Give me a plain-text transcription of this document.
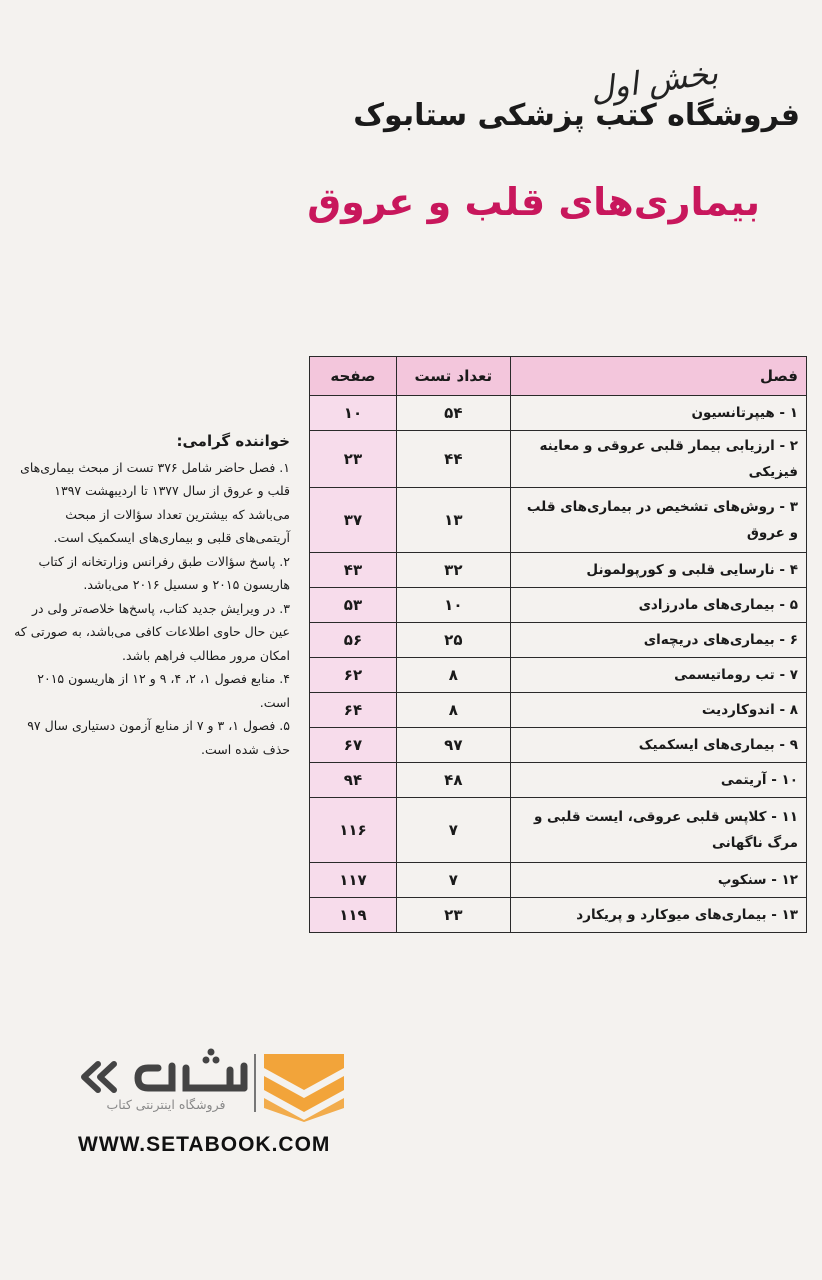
بخش اول
فروشگاه کتب پزشکی ستابوک
بیماری‌های قلب و عروق
فصل	تعداد تست	صفحه
۱ - هیپرتانسیون	۵۴	۱۰
۲ - ارزیابی بیمار قلبی عروقی و معاینه فیزیکی	۴۴	۲۳
۳ - روش‌های تشخیص در بیماری‌های قلب و عروق	۱۳	۳۷
۴ - نارسایی قلبی و کورپولمونل	۳۲	۴۳
۵ - بیماری‌های مادرزادی	۱۰	۵۳
۶ - بیماری‌های دریچه‌ای	۲۵	۵۶
۷ - تب روماتیسمی	۸	۶۲
۸ - اندوکاردیت	۸	۶۴
۹ - بیماری‌های ایسکمیک	۹۷	۶۷
۱۰ - آریتمی	۴۸	۹۴
۱۱ - کلاپس قلبی عروقی، ایست قلبی و مرگ ناگهانی	۷	۱۱۶
۱۲ - سنکوپ	۷	۱۱۷
۱۳ - بیماری‌های میوکارد و پریکارد	۲۳	۱۱۹
خواننده گرامی:

۱. فصل حاضر شامل ۳۷۶ تست از مبحث بیماری‌های قلب و عروق از سال ۱۳۷۷ تا اردیبهشت ۱۳۹۷ می‌باشد که بیشترین تعداد سؤالات از مبحث آریتمی‌های قلبی و بیماری‌های ایسکمیک است.

۲. پاسخ سؤالات طبق رفرانس وزارتخانه از کتاب هاریسون ۲۰۱۵ و سسیل ۲۰۱۶ می‌باشد.

۳. در ویرایش جدید کتاب، پاسخ‌ها خلاصه‌تر ولی در عین حال حاوی اطلاعات کافی می‌باشد، به صورتی که امکان مرور مطالب فراهم باشد.

۴. منابع فصول ۱، ۲، ۴، ۹ و ۱۲ از هاریسون ۲۰۱۵ است.

۵. فصول ۱، ۳ و ۷ از منابع آزمون دستیاری سال ۹۷ حذف شده است.

فروشگاه اینترنتی کتاب
WWW.SETABOOK.COM
